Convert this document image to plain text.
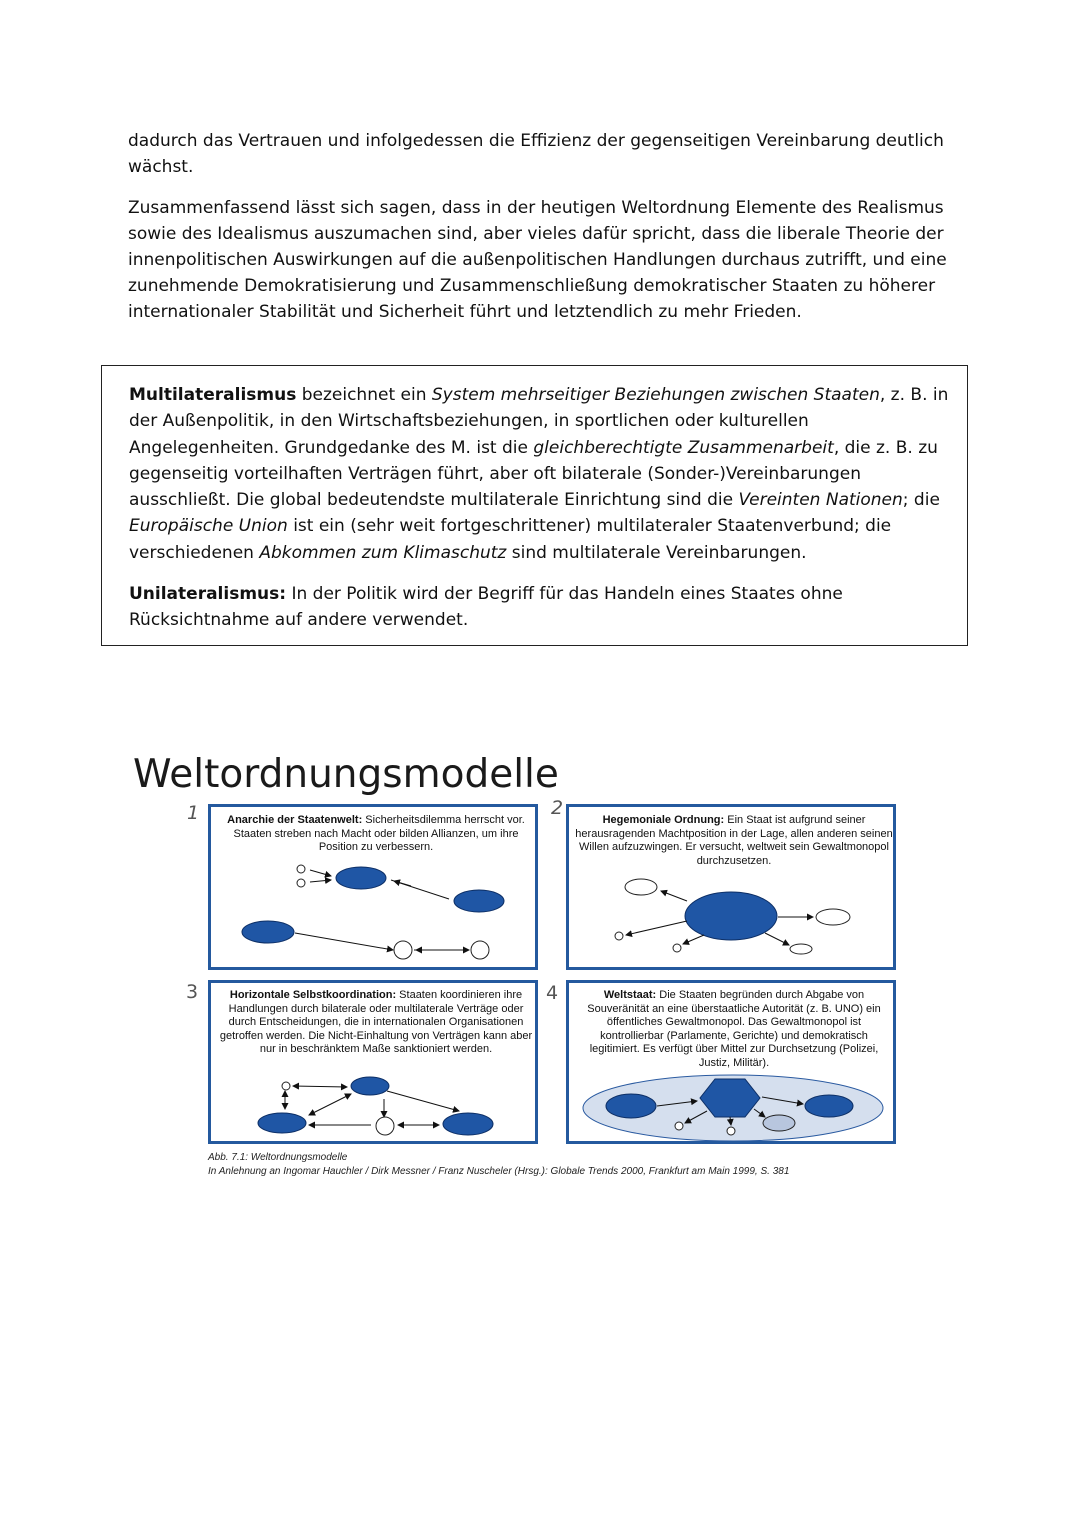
dadurch das Vertrauen und infolgedessen die Effizienz der gegenseitigen Vereinbarung deutlich wächst.

Zusammenfassend lässt sich sagen, dass in der heutigen Weltordnung Elemente des Realismus sowie des Idealismus auszumachen sind, aber vieles dafür spricht, dass die liberale Theorie der innenpolitischen Auswirkungen auf die außenpolitischen Handlungen durchaus zutrifft, und eine zunehmende Demokratisierung und Zusammenschließung demokratischer Staaten zu höherer internationaler Stabilität und Sicherheit führt und letztendlich zu mehr Frieden.

Multilateralismus bezeichnet ein System mehrseitiger Beziehungen zwischen Staaten, z. B. in der Außenpolitik, in den Wirtschaftsbeziehungen, in sportlichen oder kulturellen Angelegenheiten. Grundgedanke des M. ist die gleichberechtigte Zusammenarbeit, die z. B. zu gegenseitig vorteilhaften Verträgen führt, aber oft bilaterale (Sonder-)Vereinbarungen ausschließt. Die global bedeutendste multilaterale Einrichtung sind die Vereinten Nationen; die Europäische Union ist ein (sehr weit fortgeschrittener) multilateraler Staatenverbund; die verschiedenen Abkommen zum Klimaschutz sind multilaterale Vereinbarungen.

Unilateralismus: In der Politik wird der Begriff für das Handeln eines Staates ohne Rücksichtnahme auf andere verwendet.

Weltordnungsmodelle
1	2
3	4

Anarchie der Staatenwelt: Sicherheitsdilemma herrscht vor. Staaten streben nach Macht oder bilden Allianzen, um ihre Position zu verbessern.

Hegemoniale Ordnung: Ein Staat ist aufgrund seiner herausragenden Machtposition in der Lage, allen anderen seinen Willen aufzuzwingen. Er versucht, weltweit sein Gewaltmonopol durchzusetzen.

Horizontale Selbstkoordination: Staaten koordinieren ihre Handlungen durch bilaterale oder multilaterale Verträge oder durch Entscheidungen, die in internationalen Organisationen getroffen werden. Die Nicht-Einhaltung von Verträgen kann aber nur in beschränktem Maße sanktioniert werden.

Weltstaat: Die Staaten begründen durch Abgabe von Souveränität an eine überstaatliche Autorität (z. B. UNO) ein öffentliches Gewaltmonopol. Das Gewaltmonopol ist kontrollierbar (Parlamente, Gerichte) und demokratisch legitimiert. Es verfügt über Mittel zur Durchsetzung (Polizei, Justiz, Militär).

Abb. 7.1: Weltordnungsmodelle
In Anlehnung an Ingomar Hauchler / Dirk Messner / Franz Nuscheler (Hrsg.): Globale Trends 2000, Frankfurt am Main 1999, S. 381
